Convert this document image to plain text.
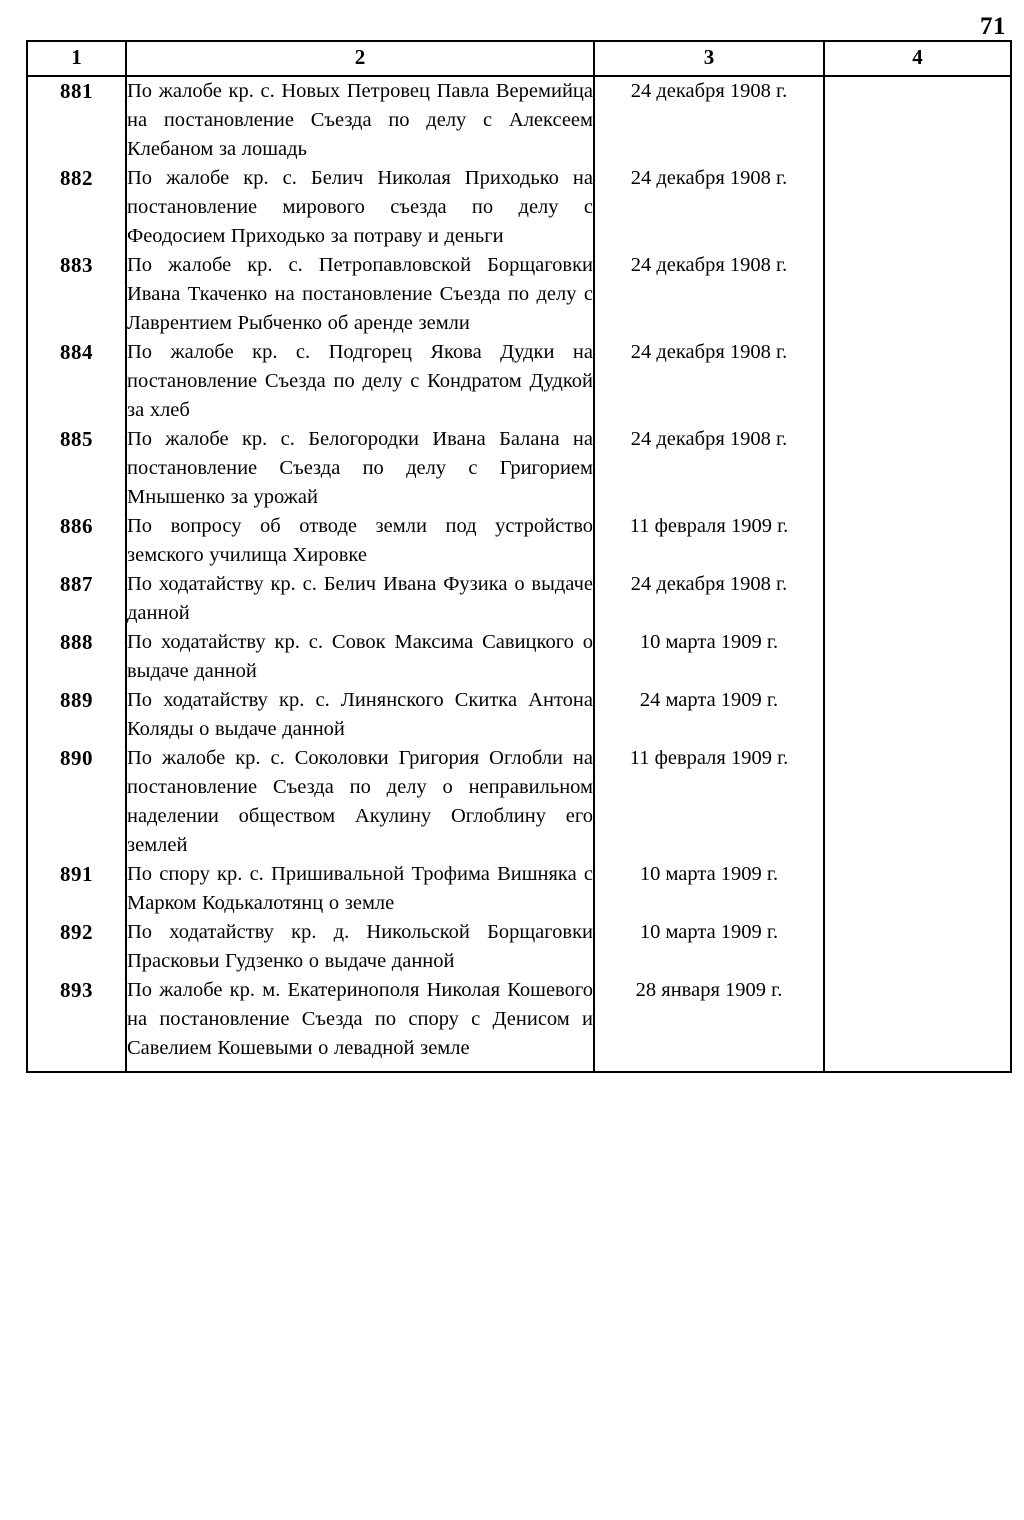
71
1	2	3	4
881	По жалобе кр. с. Новых Петровец Павла Веремийца на постановление Съезда по делу с Алексеем Клебаном за лошадь	24 декабря 1908 г.	
882	По жалобе кр. с. Белич Николая Приходько на постановление мирового съезда по делу с Феодосием Приходько за потраву и деньги	24 декабря 1908 г.	
883	По жалобе кр. с. Петропавловской Борщаговки Ивана Ткаченко на постановление Съезда по делу с Лаврентием Рыбченко об аренде земли	24 декабря 1908 г.	
884	По жалобе кр. с. Подгорец Якова Дудки на постановление Съезда по делу с Кондратом Дудкой за хлеб	24 декабря 1908 г.	
885	По жалобе кр. с. Белогородки Ивана Балана на постановление Съезда по делу с Григорием Мнышенко за урожай	24 декабря 1908 г.	
886	По вопросу об отводе земли под устройство земского училища Хировке	11 февраля 1909 г.	
887	По ходатайству кр. с. Белич Ивана Фузика о выдаче данной	24 декабря 1908 г.	
888	По ходатайству кр. с. Совок Максима Савицкого о выдаче данной	10 марта 1909 г.	
889	По ходатайству кр. с. Линянского Скитка Антона Коляды о выдаче данной	24 марта 1909 г.	
890	По жалобе кр. с. Соколовки Григория Оглобли на постановление Съезда по делу о неправильном наделении обществом Акулину Оглоблину его землей	11 февраля 1909 г.	
891	По спору кр. с. Пришивальной Трофима Вишняка с Марком Кодькалотянц о земле	10 марта 1909 г.	
892	По ходатайству кр. д. Никольской Борщаговки Прасковьи Гудзенко о выдаче данной	10 марта 1909 г.	
893	По жалобе кр. м. Екатеринополя Николая Кошевого на постановление Съезда по спору с Денисом и Савелием Кошевыми о левадной земле	28 января 1909 г.	
